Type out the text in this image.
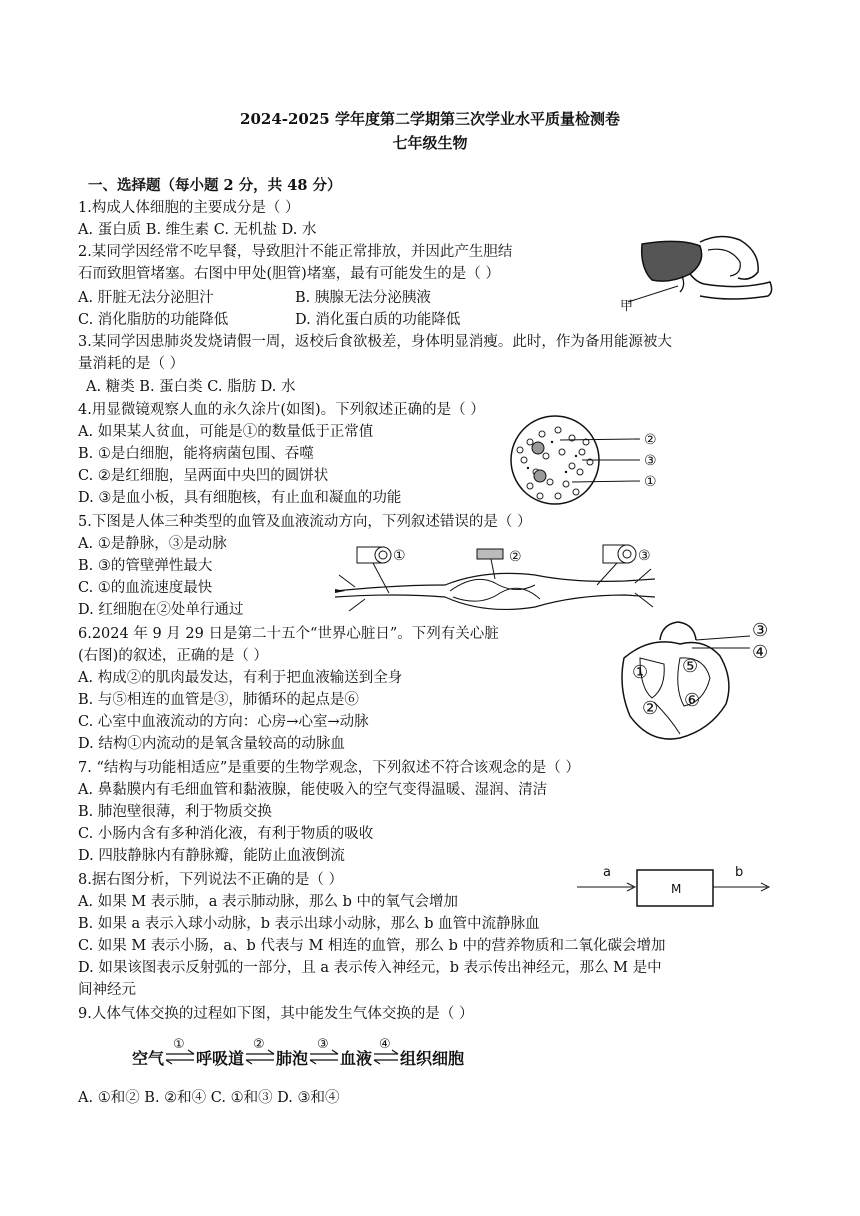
2024-2025 学年度第二学期第三次学业水平质量检测卷
七年级生物
一、选择题（每小题 2 分，共 48 分）
1.构成人体细胞的主要成分是（ ）
A. 蛋白质 B. 维生素 C. 无机盐 D. 水
2.某同学因经常不吃早餐，导致胆汁不能正常排放，并因此产生胆结
石而致胆管堵塞。右图中甲处(胆管)堵塞，最有可能发生的是（ ）
A. 肝脏无法分泌胆汁	B. 胰腺无法分泌胰液
C. 消化脂肪的功能降低	D. 消化蛋白质的功能降低
甲
3.某同学因患肺炎发烧请假一周，返校后食欲极差，身体明显消瘦。此时，作为备用能源被大
量消耗的是（ ）
A. 糖类 B. 蛋白类 C. 脂肪 D. 水
4.用显微镜观察人血的永久涂片(如图)。下列叙述正确的是（ ）
A. 如果某人贫血，可能是①的数量低于正常值
B. ①是白细胞，能将病菌包围、吞噬
C. ②是红细胞，呈两面中央凹的圆饼状
D. ③是血小板，具有细胞核，有止血和凝血的功能
②
③
①
5.下图是人体三种类型的血管及血液流动方向，下列叙述错误的是（ ）
A. ①是静脉，③是动脉
B. ③的管壁弹性最大
C. ①的血流速度最快
D. 红细胞在②处单行通过
①	②	③
6.2024 年 9 月 29 日是第二十五个“世界心脏日”。下列有关心脏
(右图)的叙述，正确的是（ ）
A. 构成②的肌肉最发达，有利于把血液输送到全身
B. 与⑤相连的血管是③，肺循环的起点是⑥
C. 心室中血液流动的方向：心房→心室→动脉
D. 结构①内流动的是氧含量较高的动脉血
③
④
① ⑤
② ⑥
7. “结构与功能相适应”是重要的生物学观念，下列叙述不符合该观念的是（ ）
A. 鼻黏膜内有毛细血管和黏液腺，能使吸入的空气变得温暖、湿润、清洁
B. 肺泡壁很薄，利于物质交换
C. 小肠内含有多种消化液，有利于物质的吸收
D. 四肢静脉内有静脉瓣，能防止血液倒流
8.据右图分析，下列说法不正确的是（ ）
A. 如果 M 表示肺，a 表示肺动脉，那么 b 中的氧气会增加
B. 如果 a 表示入球小动脉，b 表示出球小动脉，那么 b 血管中流静脉血
C. 如果 M 表示小肠，a、b 代表与 M 相连的血管，那么 b 中的营养物质和二氧化碳会增加
D. 如果该图表示反射弧的一部分，且 a 表示传入神经元，b 表示传出神经元，那么 M 是中
间神经元
a
M
b
9.人体气体交换的过程如下图，其中能发生气体交换的是（ ）
空气 呼吸道 肺泡 血液 组织细胞
①	②	③	④
A. ①和② B. ②和④ C. ①和③ D. ③和④
